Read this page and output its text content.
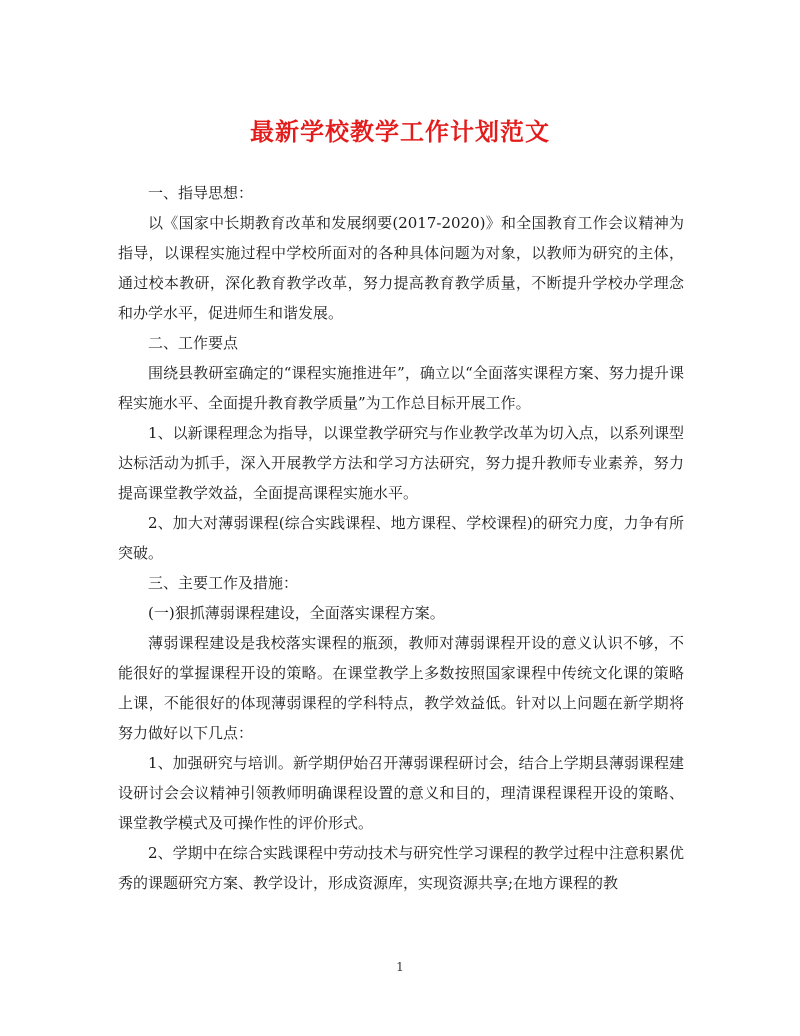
最新学校教学工作计划范文

一、指导思想：

以《国家中长期教育改革和发展纲要(2017-2020)》和全国教育工作会议精神为指导，以课程实施过程中学校所面对的各种具体问题为对象，以教师为研究的主体，通过校本教研，深化教育教学改革，努力提高教育教学质量，不断提升学校办学理念和办学水平，促进师生和谐发展。

二、工作要点

围绕县教研室确定的“课程实施推进年”，确立以“全面落实课程方案、努力提升课程实施水平、全面提升教育教学质量”为工作总目标开展工作。

1、以新课程理念为指导，以课堂教学研究与作业教学改革为切入点，以系列课型达标活动为抓手，深入开展教学方法和学习方法研究，努力提升教师专业素养，努力提高课堂教学效益，全面提高课程实施水平。

2、加大对薄弱课程(综合实践课程、地方课程、学校课程)的研究力度，力争有所突破。

三、主要工作及措施：

(一)狠抓薄弱课程建设，全面落实课程方案。

薄弱课程建设是我校落实课程的瓶颈，教师对薄弱课程开设的意义认识不够，不能很好的掌握课程开设的策略。在课堂教学上多数按照国家课程中传统文化课的策略上课，不能很好的体现薄弱课程的学科特点，教学效益低。针对以上问题在新学期将努力做好以下几点：

1、加强研究与培训。新学期伊始召开薄弱课程研讨会，结合上学期县薄弱课程建设研讨会会议精神引领教师明确课程设置的意义和目的，理清课程课程开设的策略、课堂教学模式及可操作性的评价形式。

2、学期中在综合实践课程中劳动技术与研究性学习课程的教学过程中注意积累优秀的课题研究方案、教学设计，形成资源库，实现资源共享;在地方课程的教

1
